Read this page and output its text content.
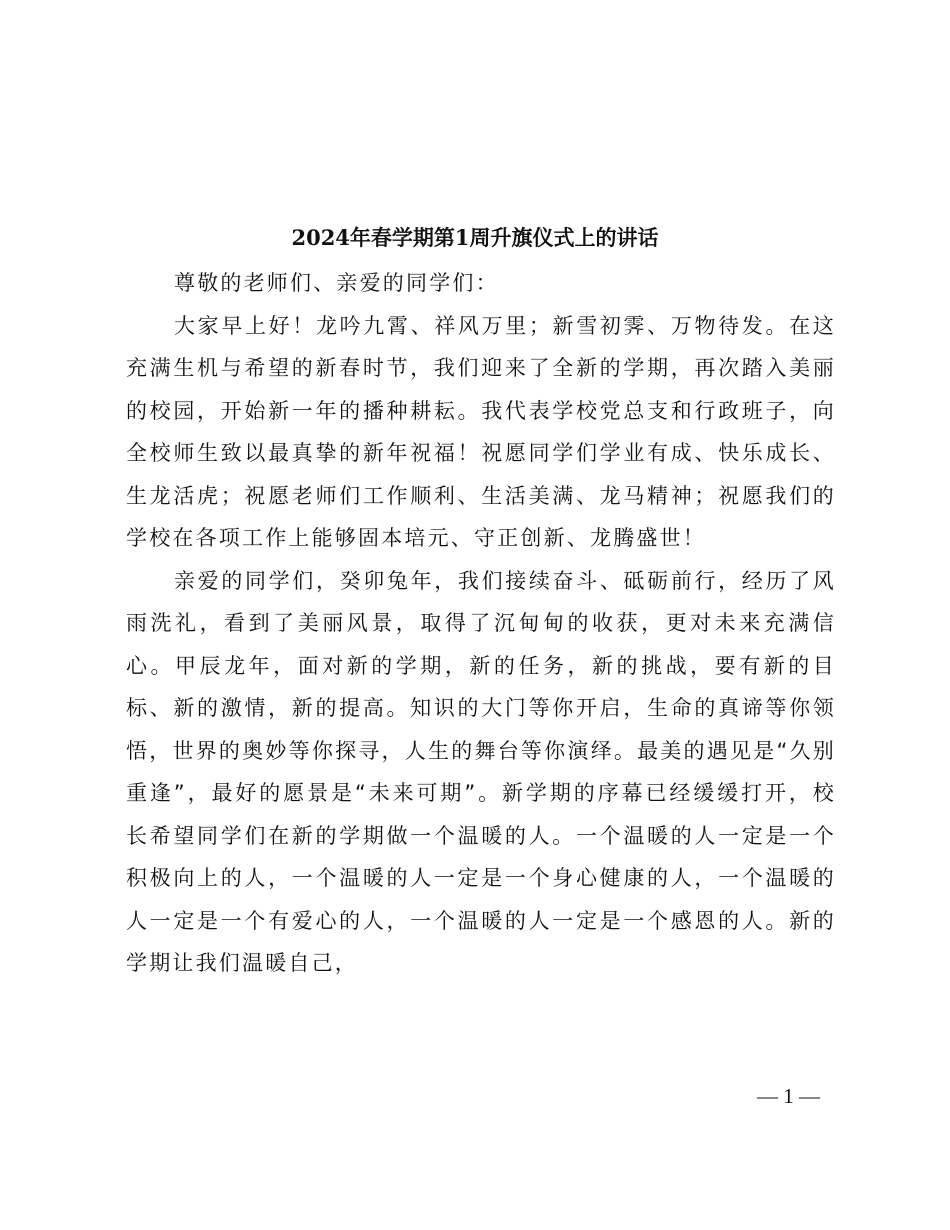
2024年春学期第1周升旗仪式上的讲话

尊敬的老师们、亲爱的同学们：

大家早上好！龙吟九霄、祥风万里；新雪初霁、万物待发。在这充满生机与希望的新春时节，我们迎来了全新的学期，再次踏入美丽的校园，开始新一年的播种耕耘。我代表学校党总支和行政班子，向全校师生致以最真挚的新年祝福！祝愿同学们学业有成、快乐成长、生龙活虎；祝愿老师们工作顺利、生活美满、龙马精神；祝愿我们的学校在各项工作上能够固本培元、守正创新、龙腾盛世！

亲爱的同学们，癸卯兔年，我们接续奋斗、砥砺前行，经历了风雨洗礼，看到了美丽风景，取得了沉甸甸的收获，更对未来充满信心。甲辰龙年，面对新的学期，新的任务，新的挑战，要有新的目标、新的激情，新的提高。知识的大门等你开启，生命的真谛等你领悟，世界的奥妙等你探寻，人生的舞台等你演绎。最美的遇见是“久别重逢”，最好的愿景是“未来可期”。新学期的序幕已经缓缓打开，校长希望同学们在新的学期做一个温暖的人。一个温暖的人一定是一个积极向上的人，一个温暖的人一定是一个身心健康的人，一个温暖的人一定是一个有爱心的人，一个温暖的人一定是一个感恩的人。新的学期让我们温暖自己，

— 1 —
